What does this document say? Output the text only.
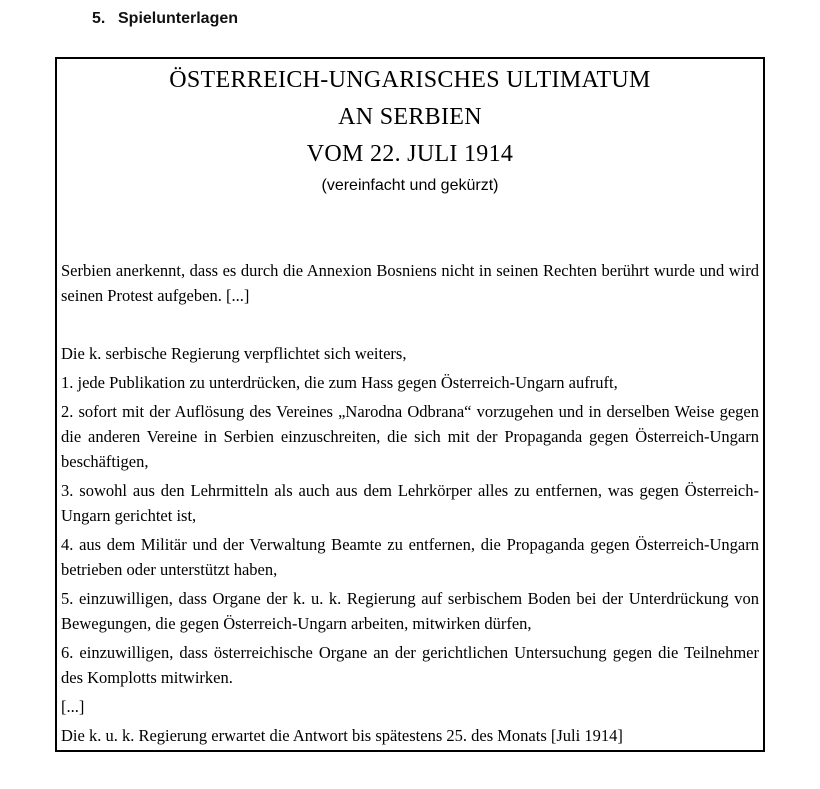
5. Spielunterlagen
ÖSTERREICH-UNGARISCHES ULTIMATUM
AN SERBIEN
VOM 22. JULI 1914
(vereinfacht und gekürzt)

Serbien anerkennt, dass es durch die Annexion Bosniens nicht in seinen Rechten berührt wurde und wird seinen Protest aufgeben. [...]

Die k. serbische Regierung verpflichtet sich weiters,

1. jede Publikation zu unterdrücken, die zum Hass gegen Österreich-Ungarn aufruft,

2. sofort mit der Auflösung des Vereines „Narodna Odbrana“ vorzugehen und in derselben Weise gegen die anderen Vereine in Serbien einzuschreiten, die sich mit der Propaganda gegen Österreich-Ungarn beschäftigen,

3. sowohl aus den Lehrmitteln als auch aus dem Lehrkörper alles zu entfernen, was gegen Österreich-Ungarn gerichtet ist,

4. aus dem Militär und der Verwaltung Beamte zu entfernen, die Propaganda gegen Österreich-Ungarn betrieben oder unterstützt haben,

5. einzuwilligen, dass Organe der k. u. k. Regierung auf serbischem Boden bei der Unterdrückung von Bewegungen, die gegen Österreich-Ungarn arbeiten, mitwirken dürfen,

6. einzuwilligen, dass österreichische Organe an der gerichtlichen Untersuchung gegen die Teilnehmer des Komplotts mitwirken.

[...]

Die k. u. k. Regierung erwartet die Antwort bis spätestens 25. des Monats [Juli 1914]
